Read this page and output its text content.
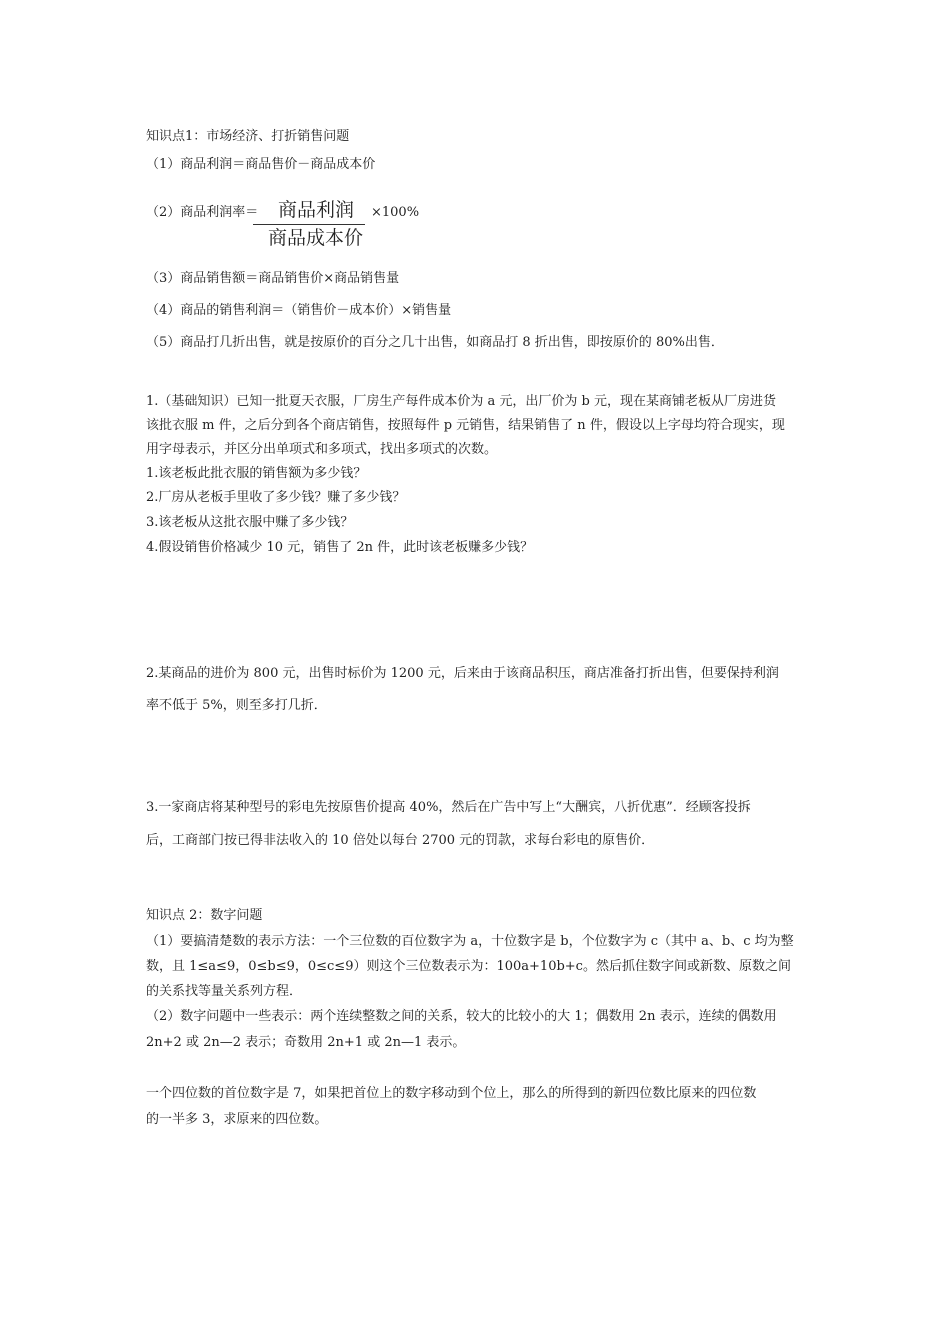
知识点1：市场经济、打折销售问题
（1）商品利润＝商品售价－商品成本价
（2）商品利润率＝ 商品利润
商品成本价
×100%
（3）商品销售额＝商品销售价×商品销售量
（4）商品的销售利润＝（销售价－成本价）×销售量
（5）商品打几折出售，就是按原价的百分之几十出售，如商品打 8 折出售，即按原价的 80%出售．
1.（基础知识）已知一批夏天衣服，厂房生产每件成本价为 a 元，出厂价为 b 元，现在某商铺老板从厂房进货
该批衣服 m 件，之后分到各个商店销售，按照每件 p 元销售，结果销售了 n 件，假设以上字母均符合现实，现
用字母表示，并区分出单项式和多项式，找出多项式的次数。
1.该老板此批衣服的销售额为多少钱？
2.厂房从老板手里收了多少钱？赚了多少钱？
3.该老板从这批衣服中赚了多少钱？
4.假设销售价格减少 10 元，销售了 2n 件，此时该老板赚多少钱？
2.某商品的进价为 800 元，出售时标价为 1200 元，后来由于该商品积压，商店准备打折出售，但要保持利润
率不低于 5%，则至多打几折．
3.一家商店将某种型号的彩电先按原售价提高 40%，然后在广告中写上“大酬宾，八折优惠”．经顾客投拆
后，工商部门按已得非法收入的 10 倍处以每台 2700 元的罚款，求每台彩电的原售价．
知识点 2：数字问题
（1）要搞清楚数的表示方法：一个三位数的百位数字为 a，十位数字是 b，个位数字为 c（其中 a、b、c 均为整
数，且 1≤a≤9，0≤b≤9，0≤c≤9）则这个三位数表示为：100a+10b+c。然后抓住数字间或新数、原数之间
的关系找等量关系列方程．
（2）数字问题中一些表示：两个连续整数之间的关系，较大的比较小的大 1；偶数用 2n 表示，连续的偶数用
2n+2 或 2n—2 表示；奇数用 2n+1 或 2n—1 表示。
一个四位数的首位数字是 7，如果把首位上的数字移动到个位上，那么的所得到的新四位数比原来的四位数
的一半多 3，求原来的四位数。
